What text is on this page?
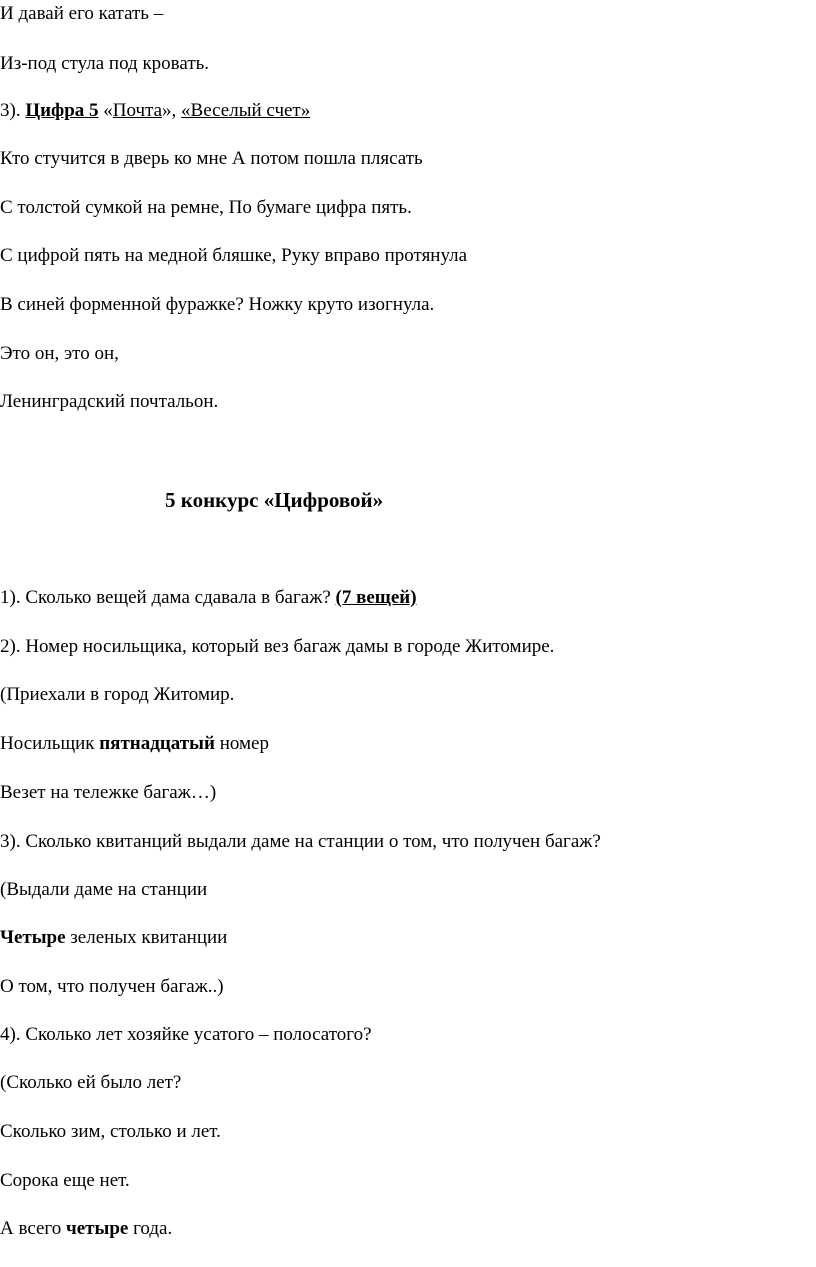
И давай его катать –
Из-под стула под кровать.
3). Цифра 5 «Почта», «Веселый счет»
Кто стучится в дверь ко мне А потом пошла плясать
С толстой сумкой на ремне, По бумаге цифра пять.
С цифрой пять на медной бляшке, Руку вправо протянула
В синей форменной фуражке? Ножку круто изогнула.
Это он, это он,
Ленинградский почтальон.
5 конкурс «Цифровой»
1). Сколько вещей дама сдавала в багаж? (7 вещей)
2). Номер носильщика, который вез багаж дамы в городе Житомире.
(Приехали в город Житомир.
Носильщик пятнадцатый номер
Везет на тележке багаж…)
3). Сколько квитанций выдали даме на станции о том, что получен багаж?
(Выдали даме на станции
Четыре зеленых квитанции
О том, что получен багаж..)
4). Сколько лет хозяйке усатого – полосатого?
(Сколько ей было лет?
Сколько зим, столько и лет.
Сорока еще нет.
А всего четыре года.
